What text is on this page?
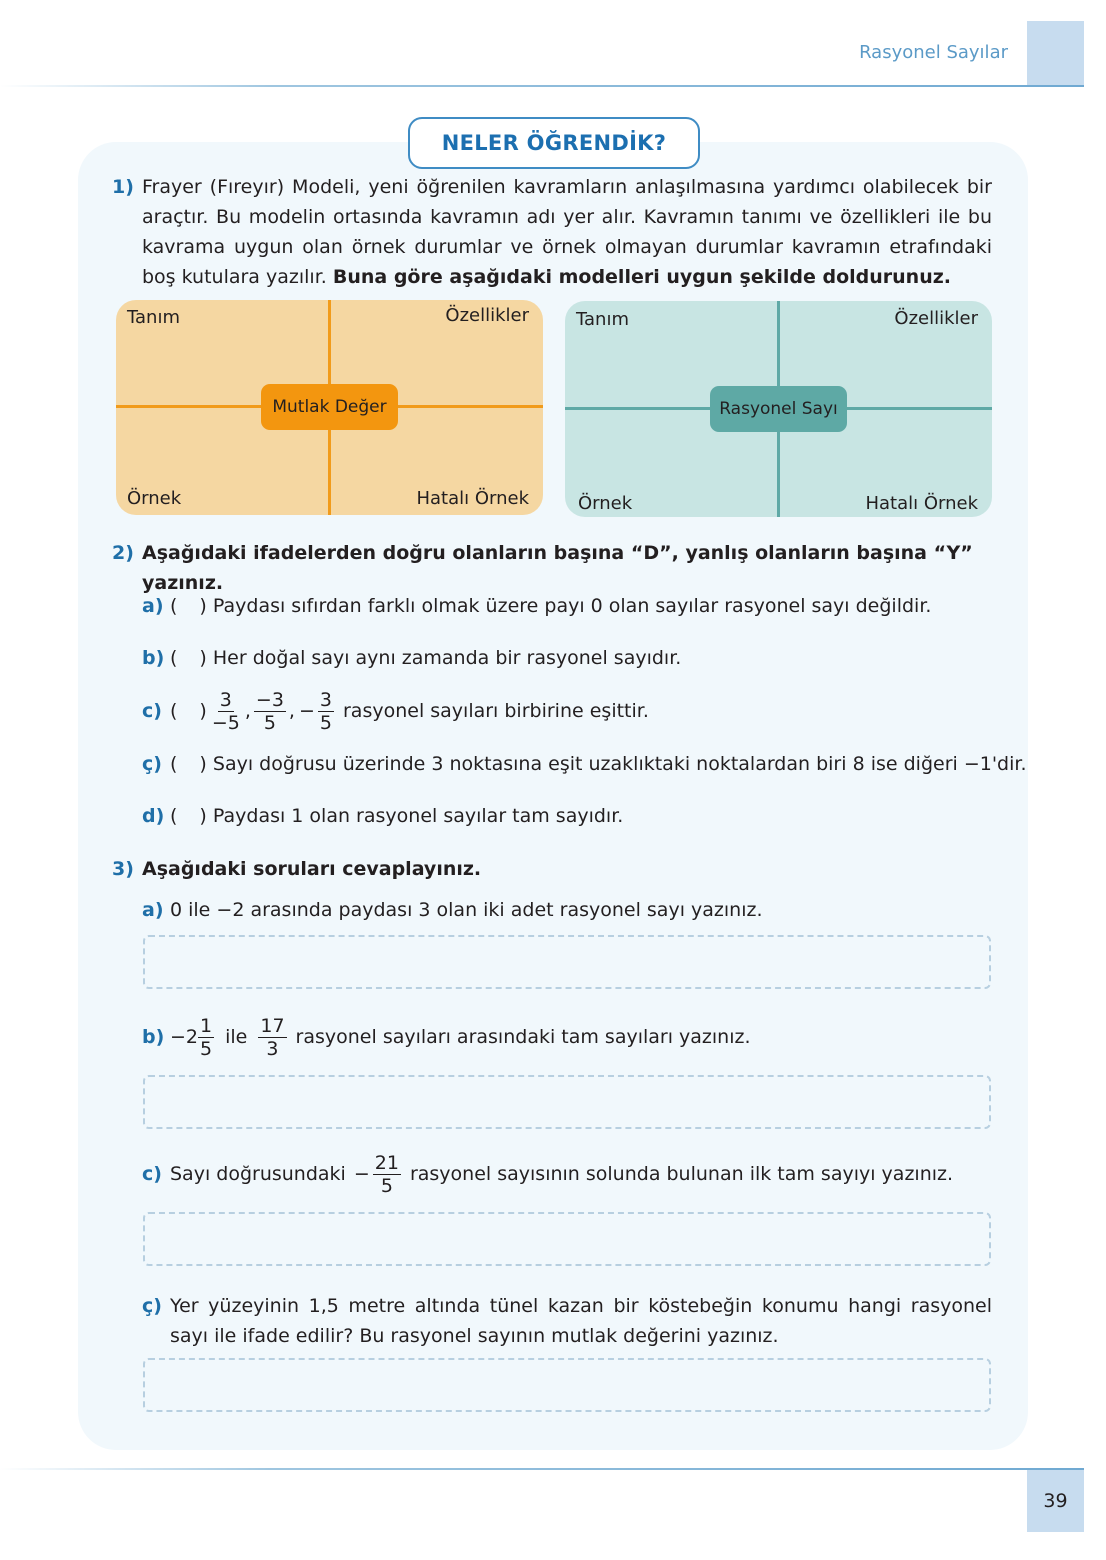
Rasyonel Sayılar
NELER ÖĞRENDİK?
1) Frayer (Fıreyır) Modeli, yeni öğrenilen kavramların anlaşılmasına yardımcı olabilecek bir araçtır. Bu modelin ortasında kavramın adı yer alır. Kavramın tanımı ve özellikleri ile bu kavrama uygun olan örnek durumlar ve örnek olmayan durumlar kavramın etrafındaki boş kutulara yazılır. Buna göre aşağıdaki modelleri uygun şekilde doldurunuz.
Tanım	Özellikler
Örnek	Hatalı Örnek
Mutlak Değer
Tanım	Özellikler
Örnek	Hatalı Örnek
Rasyonel Sayı
2) Aşağıdaki ifadelerden doğru olanların başına “D”, yanlış olanların başına “Y” yazınız.
a) ( ) Paydası sıfırdan farklı olmak üzere payı 0 olan sayılar rasyonel sayı değildir.
b) ( ) Her doğal sayı aynı zamanda bir rasyonel sayıdır.
c) ( ) $\frac{3}{-5}$ , $\frac{-3}{5}$ , − $\frac{3}{5}$ rasyonel sayıları birbirine eşittir.
ç) ( ) Sayı doğrusu üzerinde 3 noktasına eşit uzaklıktaki noktalardan biri 8 ise diğeri −1'dir.
d) ( ) Paydası 1 olan rasyonel sayılar tam sayıdır.
3) Aşağıdaki soruları cevaplayınız.
a) 0 ile −2 arasında paydası 3 olan iki adet rasyonel sayı yazınız.
$b) -2 \frac{1}{5}$ ile $\frac{17}{3}$ rasyonel sayıları arasındaki tam sayıları yazınız.
c) Sayı doğrusundaki − $\frac{21}{5}$ rasyonel sayısının solunda bulunan ilk tam sayıyı yazınız.
ç) Yer yüzeyinin 1,5 metre altında tünel kazan bir köstebeğin konumu hangi rasyonel sayı ile ifade edilir? Bu rasyonel sayının mutlak değerini yazınız.
39
